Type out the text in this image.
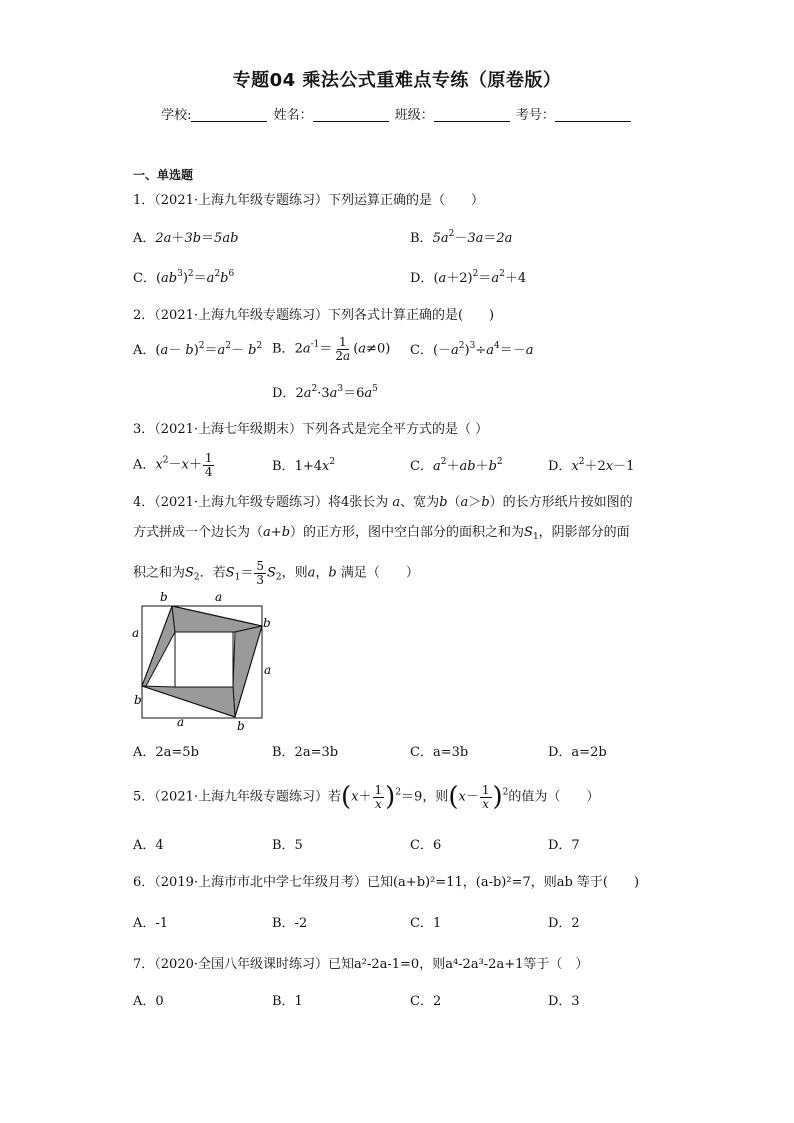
专题04 乘法公式重难点专练（原卷版）
学校:	姓名：	班级：	考号：
一、单选题
1．（2021·上海九年级专题练习）下列运算正确的是（　　）
A．2a＋3b＝5ab	B．$5a^2-3a=2a$
C．$(ab^3)^2=a^2b^6$	D．$(a+2)^2=a^2+4$
2．（2021·上海九年级专题练习）下列各式计算正确的是(　　)
A．$(a- b)^2=a^2- b^2$ B．$2a^{-1}= \frac{1}{2a} (a\ne 0)$ C．$(-a^2)^3\div a^4=-a$
D．$2a^2\cdot 3a^3=6a^5$
3．（2021·上海七年级期末）下列各式是完全平方式的是（ ）
A．$x^2-x+ \frac{1}{4}$	B．$1+4x^2$	C．$a^2+ab+b^2$	D．$x^2+2x-1$
4．（2021·上海九年级专题练习）将4张长为 a、宽为b（a＞b）的长方形纸片按如图的
方式拼成一个边长为（a+b）的正方形，图中空白部分的面积之和为$S_1$，阴影部分的面
积之和为$S_2$．若$S_1= \frac{5}{3} S_2$，则a，b 满足（　　）
b	a
a
b
a
b
a	b
A．2a=5b	B．2a=3b	C．a=3b	D．a=2b
5．（2021·上海九年级专题练习）若$(x+ \frac{1}{x} )^2=9$，则$(x- \frac{1}{x} )^2$的值为（　　）
A．4	B．5	C．6	D．7
6．（2019·上海市市北中学七年级月考）已知(a+b)²=11，(a-b)²=7，则ab 等于(　　)
A．-1	B．-2	C．1	D．2
7．（2020·全国八年级课时练习）已知a²-2a-1=0，则a⁴-2a³-2a+1等于（　）
A．0	B．1	C．2	D．3
